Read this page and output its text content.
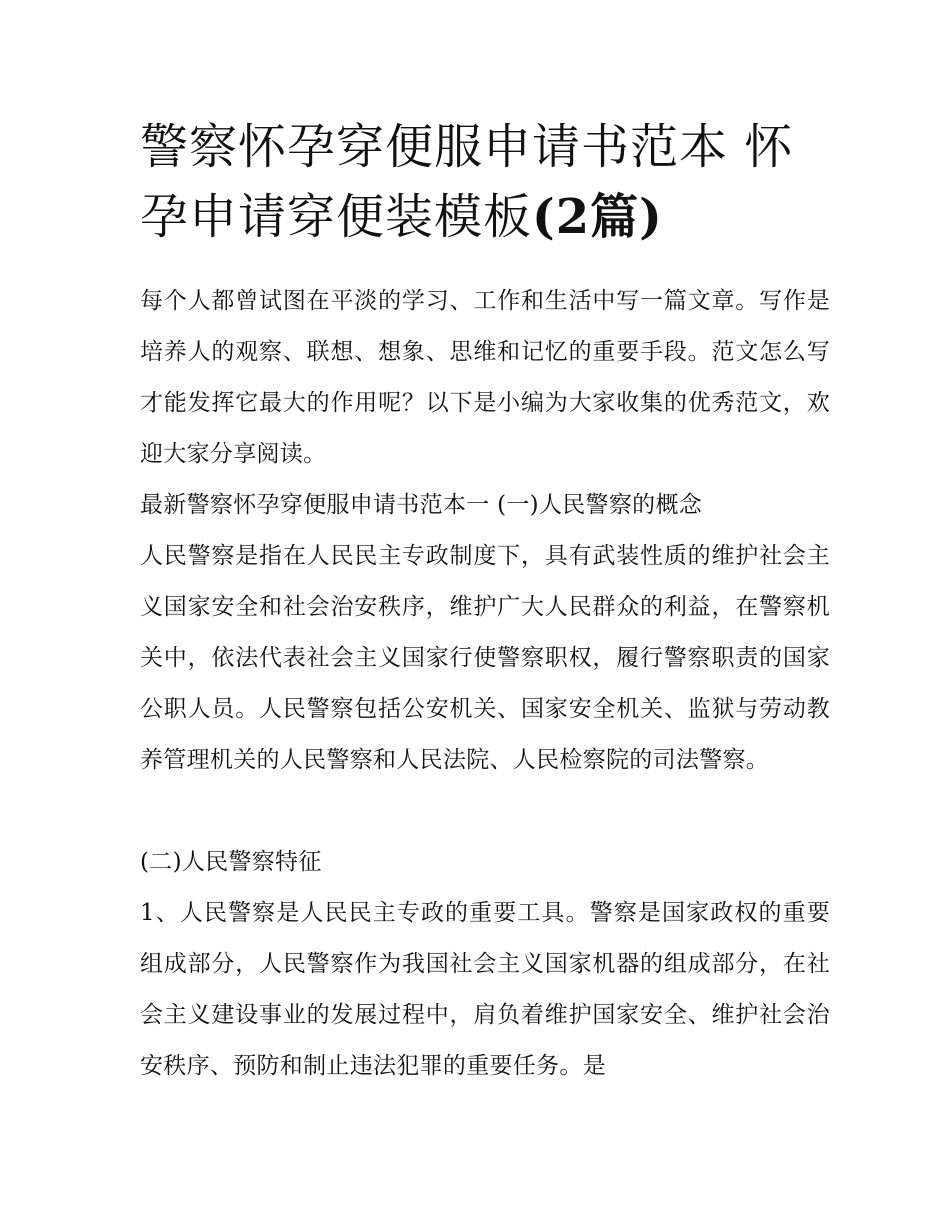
警察怀孕穿便服申请书范本 怀孕申请穿便装模板(2篇)

每个人都曾试图在平淡的学习、工作和生活中写一篇文章。写作是培养人的观察、联想、想象、思维和记忆的重要手段。范文怎么写才能发挥它最大的作用呢？以下是小编为大家收集的优秀范文，欢迎大家分享阅读。

最新警察怀孕穿便服申请书范本一 (一)人民警察的概念

人民警察是指在人民民主专政制度下，具有武装性质的维护社会主义国家安全和社会治安秩序，维护广大人民群众的利益，在警察机关中，依法代表社会主义国家行使警察职权，履行警察职责的国家公职人员。人民警察包括公安机关、国家安全机关、监狱与劳动教养管理机关的人民警察和人民法院、人民检察院的司法警察。

(二)人民警察特征

1、人民警察是人民民主专政的重要工具。警察是国家政权的重要组成部分，人民警察作为我国社会主义国家机器的组成部分，在社会主义建设事业的发展过程中，肩负着维护国家安全、维护社会治安秩序、预防和制止违法犯罪的重要任务。是
